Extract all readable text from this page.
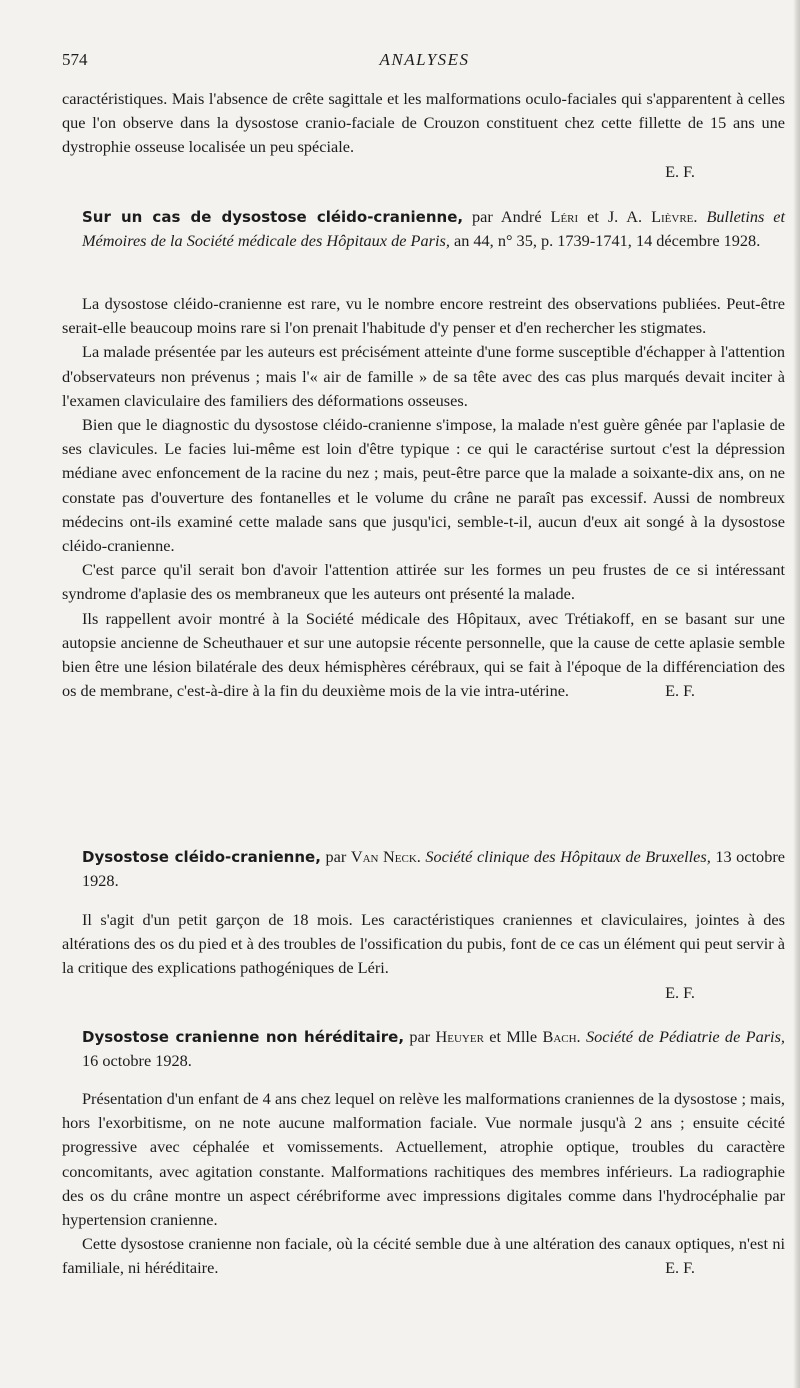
574	ANALYSES

caractéristiques. Mais l'absence de crête sagittale et les malformations oculo-faciales qui s'apparentent à celles que l'on observe dans la dysostose cranio-faciale de Crouzon constituent chez cette fillette de 15 ans une dystrophie osseuse localisée un peu spéciale.

E. F.

Sur un cas de dysostose cléido-cranienne, par André Léri et J. A. Lièvre. Bulletins et Mémoires de la Société médicale des Hôpitaux de Paris, an 44, n° 35, p. 1739-1741, 14 décembre 1928.

La dysostose cléido-cranienne est rare, vu le nombre encore restreint des observations publiées. Peut-être serait-elle beaucoup moins rare si l'on prenait l'habitude d'y penser et d'en rechercher les stigmates.

La malade présentée par les auteurs est précisément atteinte d'une forme susceptible d'échapper à l'attention d'observateurs non prévenus ; mais l'« air de famille » de sa tête avec des cas plus marqués devait inciter à l'examen claviculaire des familiers des déformations osseuses.

Bien que le diagnostic du dysostose cléido-cranienne s'impose, la malade n'est guère gênée par l'aplasie de ses clavicules. Le facies lui-même est loin d'être typique : ce qui le caractérise surtout c'est la dépression médiane avec enfoncement de la racine du nez ; mais, peut-être parce que la malade a soixante-dix ans, on ne constate pas d'ouverture des fontanelles et le volume du crâne ne paraît pas excessif. Aussi de nombreux médecins ont-ils examiné cette malade sans que jusqu'ici, semble-t-il, aucun d'eux ait songé à la dysostose cléido-cranienne.

C'est parce qu'il serait bon d'avoir l'attention attirée sur les formes un peu frustes de ce si intéressant syndrome d'aplasie des os membraneux que les auteurs ont présenté la malade.

Ils rappellent avoir montré à la Société médicale des Hôpitaux, avec Trétiakoff, en se basant sur une autopsie ancienne de Scheuthauer et sur une autopsie récente personnelle, que la cause de cette aplasie semble bien être une lésion bilatérale des deux hémisphères cérébraux, qui se fait à l'époque de la différenciation des os de membrane, c'est-à-dire à la fin du deuxième mois de la vie intra-utérine.	E. F.

Dysostose cléido-cranienne, par Van Neck. Société clinique des Hôpitaux de Bruxelles, 13 octobre 1928.

Il s'agit d'un petit garçon de 18 mois. Les caractéristiques craniennes et claviculaires, jointes à des altérations des os du pied et à des troubles de l'ossification du pubis, font de ce cas un élément qui peut servir à la critique des explications pathogéniques de Léri.

E. F.

Dysostose cranienne non héréditaire, par Heuyer et Mlle Bach. Société de Pédiatrie de Paris, 16 octobre 1928.

Présentation d'un enfant de 4 ans chez lequel on relève les malformations craniennes de la dysostose ; mais, hors l'exorbitisme, on ne note aucune malformation faciale. Vue normale jusqu'à 2 ans ; ensuite cécité progressive avec céphalée et vomissements. Actuellement, atrophie optique, troubles du caractère concomitants, avec agitation constante. Malformations rachitiques des membres inférieurs. La radiographie des os du crâne montre un aspect cérébriforme avec impressions digitales comme dans l'hydrocéphalie par hypertension cranienne.

Cette dysostose cranienne non faciale, où la cécité semble due à une altération des canaux optiques, n'est ni familiale, ni héréditaire.	E. F.
